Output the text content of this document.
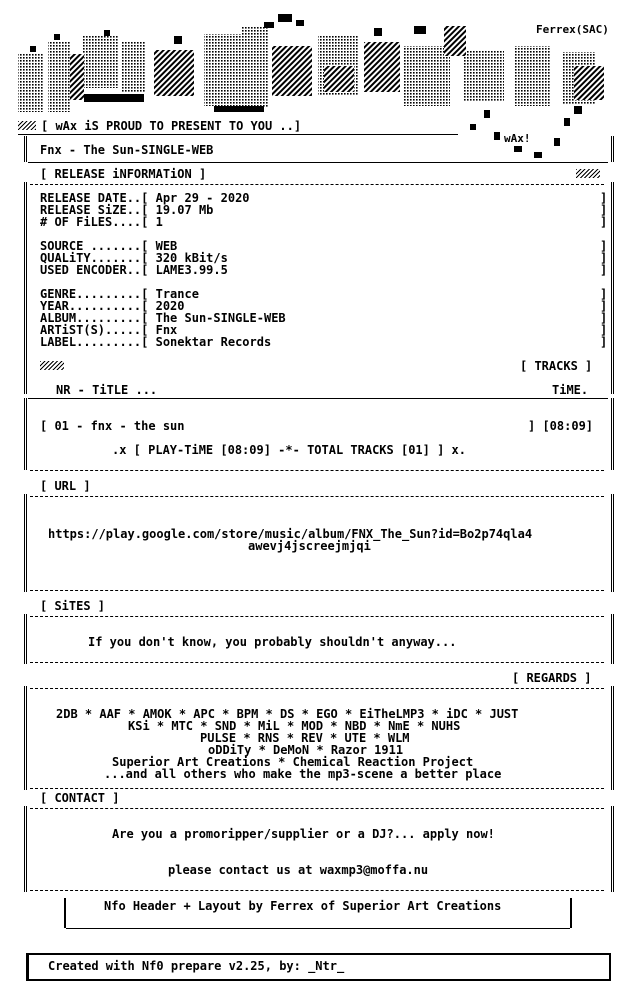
Ferrex(SAC)
wAx!
[ wAx iS PROUD TO PRESENT TO YOU ..]
Fnx - The Sun-SINGLE-WEB
[ RELEASE iNFORMATiON ]
RELEASE DATE..[ Apr 29 - 2020
RELEASE SiZE..[ 19.07 Mb
# OF FiLES....[ 1
SOURCE .......[ WEB
QUALiTY.......[ 320 kBit/s
USED ENCODER..[ LAME3.99.5
GENRE.........[ Trance
YEAR..........[ 2020
ALBUM.........[ The Sun-SINGLE-WEB
ARTiST(S).....[ Fnx
LABEL.........[ Sonektar Records
]
]
]

]
]
]

]
]
]
]
]
[ TRACKS ]
NR - TiTLE ...	TiME.
[ 01 - fnx - the sun	] [08:09]
.x [ PLAY-TiME [08:09] -*- TOTAL TRACKS [01] ] x.
[ URL ]
https://play.google.com/store/music/album/FNX_The_Sun?id=Bo2p74qla4
awevj4jscreejmjqi
[ SiTES ]
If you don't know, you probably shouldn't anyway...
[ REGARDS ]
2DB * AAF * AMOK * APC * BPM * DS * EGO * EiTheLMP3 * iDC * JUST
KSi * MTC * SND * MiL * MOD * NBD * NmE * NUHS
PULSE * RNS * REV * UTE * WLM
oDDiTy * DeMoN * Razor 1911
Superior Art Creations * Chemical Reaction Project
...and all others who make the mp3-scene a better place
[ CONTACT ]
Are you a promoripper/supplier or a DJ?... apply now!
please contact us at waxmp3@moffa.nu
Nfo Header + Layout by Ferrex of Superior Art Creations
Created with Nf0 prepare v2.25, by: _Ntr_
